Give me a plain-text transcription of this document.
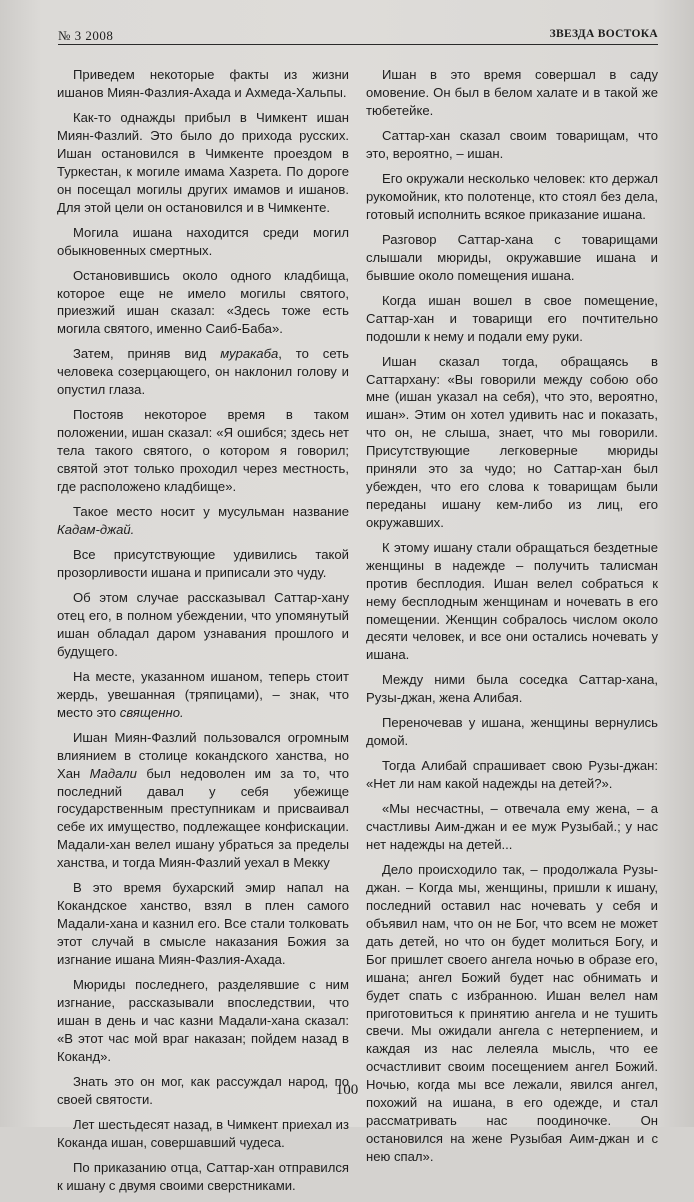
№ 3 2008	ЗВЕЗДА ВОСТОКА

Приведем некоторые факты из жизни ишанов Миян-Фазлия-Ахада и Ахмеда-Хальпы.

Как-то однажды прибыл в Чимкент ишан Миян-Фазлий. Это было до прихода русских. Ишан остановился в Чимкенте проездом в Туркестан, к могиле имама Хазрета. По дороге он посещал могилы других имамов и ишанов. Для этой цели он остановился и в Чимкенте.

Могила ишана находится среди могил обыкновенных смертных.

Остановившись около одного кладбища, которое еще не имело могилы святого, приезжий ишан сказал: «Здесь тоже есть могила святого, именно Саиб-Баба».

Затем, приняв вид муракаба, то сеть человека созерцающего, он наклонил голову и опустил глаза.

Постояв некоторое время в таком положении, ишан сказал: «Я ошибся; здесь нет тела такого святого, о котором я говорил; святой этот только проходил через местность, где расположено кладбище».

Такое место носит у мусульман название Кадам-джай.

Все присутствующие удивились такой прозорливости ишана и приписали это чуду.

Об этом случае рассказывал Саттар-хану отец его, в полном убеждении, что упомянутый ишан обладал даром узнавания прошлого и будущего.

На месте, указанном ишаном, теперь стоит жердь, увешанная (тряпицами), – знак, что место это священно.

Ишан Миян-Фазлий пользовался огромным влиянием в столице кокандского ханства, но Хан Мадали был недоволен им за то, что последний давал у себя убежище государственным преступникам и присваивал себе их имущество, подлежащее конфискации. Мадали-хан велел ишану убраться за пределы ханства, и тогда Миян-Фазлий уехал в Мекку

В это время бухарский эмир напал на Кокандское ханство, взял в плен самого Мадали-хана и казнил его. Все стали толковать этот случай в смысле наказания Божия за изгнание ишана Миян-Фазлия-Ахада.

Мюриды последнего, разделявшие с ним изгнание, рассказывали впоследствии, что ишан в день и час казни Мадали-хана сказал: «В этот час мой враг наказан; пойдем назад в Коканд».

Знать это он мог, как рассуждал народ, по своей святости.

Лет шестьдесят назад, в Чимкент приехал из Коканда ишан, совершавший чудеса.

По приказанию отца, Саттар-хан отправился к ишану с двумя своими сверстниками.

Ишан в это время совершал в саду омовение. Он был в белом халате и в такой же тюбетейке.

Саттар-хан сказал своим товарищам, что это, вероятно, – ишан.

Его окружали несколько человек: кто держал рукомойник, кто полотенце, кто стоял без дела, готовый исполнить всякое приказание ишана.

Разговор Саттар-хана с товарищами слышали мюриды, окружавшие ишана и бывшие около помещения ишана.

Когда ишан вошел в свое помещение, Саттар-хан и товарищи его почтительно подошли к нему и подали ему руки.

Ишан сказал тогда, обращаясь в Саттархану: «Вы говорили между собою обо мне (ишан указал на себя), что это, вероятно, ишан». Этим он хотел удивить нас и показать, что он, не слыша, знает, что мы говорили. Присутствующие легковерные мюриды приняли это за чудо; но Саттар-хан был убежден, что его слова к товарищам были переданы ишану кем-либо из лиц, его окружавших.

К этому ишану стали обращаться бездетные женщины в надежде – получить талисман против бесплодия. Ишан велел собраться к нему бесплодным женщинам и ночевать в его помещении. Женщин собралось числом около десяти человек, и все они остались ночевать у ишана.

Между ними была соседка Саттар-хана, Рузы-джан, жена Алибая.

Переночевав у ишана, женщины вернулись домой.

Тогда Алибай спрашивает свою Рузы-джан: «Нет ли нам какой надежды на детей?».

«Мы несчастны, – отвечала ему жена, – а счастливы Аим-джан и ее муж Рузыбай.; у нас нет надежды на детей...

Дело происходило так, – продолжала Рузы-джан. – Когда мы, женщины, пришли к ишану, последний оставил нас ночевать у себя и объявил нам, что он не Бог, что всем не может дать детей, но что он будет молиться Богу, и Бог пришлет своего ангела ночью в образе его, ишана; ангел Божий будет нас обнимать и будет спать с избранною. Ишан велел нам приготовиться к принятию ангела и не тушить свечи. Мы ожидали ангела с нетерпением, и каждая из нас лелеяла мысль, что ее осчастливит своим посещением ангел Божий. Ночью, когда мы все лежали, явился ангел, похожий на ишана, в его одежде, и стал рассматривать нас поодиночке. Он остановился на жене Рузыбая Аим-джан и с нею спал».

100
